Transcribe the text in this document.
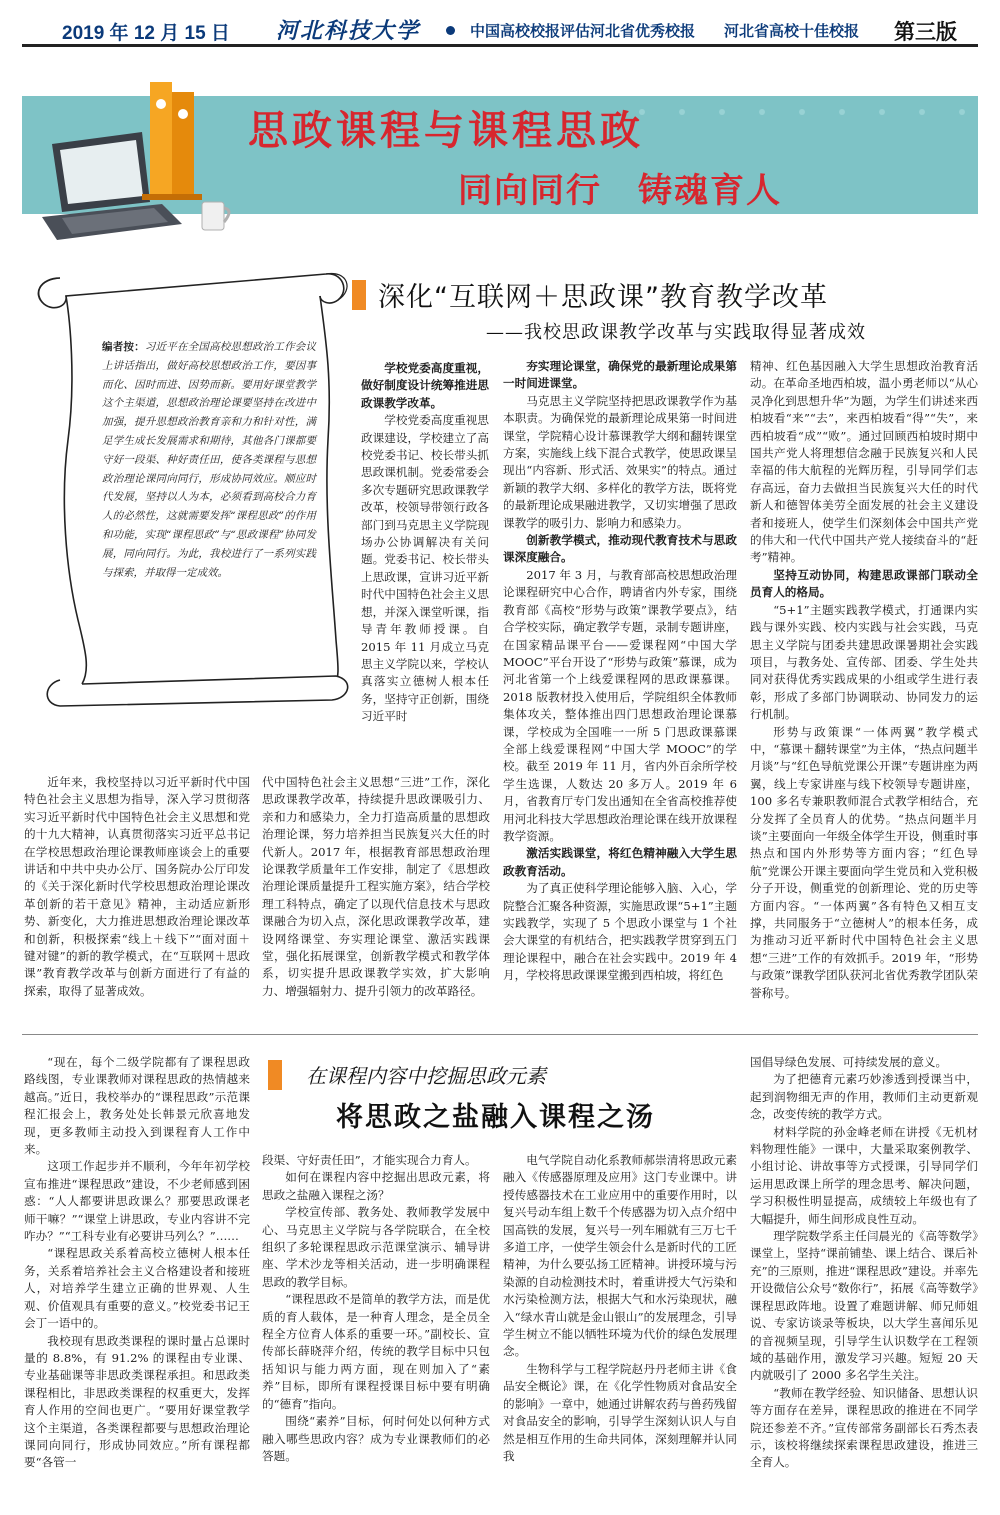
2019 年 12 月 15 日 河北科技大学	中国高校校报评估河北省优秀校报 河北省高校十佳校报 第三版
思政课程与课程思政
同向同行　铸魂育人
编者按：习近平在全国高校思想政治工作会议上讲话指出，做好高校思想政治工作，要因事而化、因时而进、因势而新。要用好课堂教学这个主渠道，思想政治理论课要坚持在改进中加强，提升思想政治教育亲和力和针对性，满足学生成长发展需求和期待，其他各门课都要守好一段渠、种好责任田，使各类课程与思想政治理论课同向同行，形成协同效应。顺应时代发展，坚持以人为本，必须看到高校合力育人的必然性，这就需要发挥“课程思政”的作用和功能，实现“课程思政”与“思政课程”协同发展，同向同行。为此，我校进行了一系列实践与探索，并取得一定成效。
深化“互联网＋思政课”教育教学改革
——我校思政课教学改革与实践取得显著成效
学校党委高度重视，做好制度设计统筹推进思政课教学改革。

学校党委高度重视思政课建设，学校建立了高校党委书记、校长带头抓思政课机制。党委常委会多次专题研究思政课教学改革，校领导带领行政各部门到马克思主义学院现场办公协调解决有关问题。党委书记、校长带头上思政课，宣讲习近平新时代中国特色社会主义思想，并深入课堂听课，指导青年教师授课。自 2015 年 11 月成立马克思主义学院以来，学校认真落实立德树人根本任务，坚持守正创新，围绕习近平时

近年来，我校坚持以习近平新时代中国特色社会主义思想为指导，深入学习贯彻落实习近平新时代中国特色社会主义思想和党的十九大精神，认真贯彻落实习近平总书记在学校思想政治理论课教师座谈会上的重要讲话和中共中央办公厅、国务院办公厅印发的《关于深化新时代学校思想政治理论课改革创新的若干意见》精神，主动适应新形势、新变化，大力推进思想政治理论课改革和创新，积极探索“线上＋线下”“面对面＋键对键”的新的教学模式，在“互联网＋思政课”教育教学改革与创新方面进行了有益的探索，取得了显著成效。

代中国特色社会主义思想“三进”工作，深化思政课教学改革，持续提升思政课吸引力、亲和力和感染力，全力打造高质量的思想政治理论课，努力培养担当民族复兴大任的时代新人。2017 年，根据教育部思想政治理论课教学质量年工作安排，制定了《思想政治理论课质量提升工程实施方案》，结合学校理工科特点，确定了以现代信息技术与思政课融合为切入点，深化思政课教学改革，建设网络课堂、夯实理论课堂、激活实践课堂，强化拓展课堂，创新教学模式和教学体系，切实提升思政课教学实效，扩大影响力、增强辐射力、提升引领力的改革路径。

夯实理论课堂，确保党的最新理论成果第一时间进课堂。

马克思主义学院坚持把思政课教学作为基本职责。为确保党的最新理论成果第一时间进课堂，学院精心设计慕课教学大纲和翻转课堂方案，实施线上线下混合式教学，使思政课呈现出“内容新、形式活、效果实”的特点。通过新颖的教学大纲、多样化的教学方法，既将党的最新理论成果融进教学，又切实增强了思政课教学的吸引力、影响力和感染力。

创新教学模式，推动现代教育技术与思政课深度融合。

2017 年 3 月，与教育部高校思想政治理论课程研究中心合作，聘请省内外专家，围绕教育部《高校“形势与政策”课教学要点》，结合学校实际，确定教学专题，录制专题讲座，在国家精品课平台——爱课程网“中国大学 MOOC”平台开设了“形势与政策”慕课，成为河北省第一个上线爱课程网的思政课慕课。2018 版教材投入使用后，学院组织全体教师集体攻关，整体推出四门思想政治理论课慕课，学校成为全国唯一一所 5 门思政课慕课全部上线爱课程网“中国大学 MOOC”的学校。截至 2019 年 11 月，省内外百余所学校学生选课，人数达 20 多万人。2019 年 6 月，省教育厅专门发出通知在全省高校推荐使用河北科技大学思想政治理论课在线开放课程教学资源。

激活实践课堂，将红色精神融入大学生思政教育活动。

为了真正使科学理论能够入脑、入心，学院整合汇聚各种资源，实施思政课“5+1”主题实践教学，实现了 5 个思政小课堂与 1 个社会大课堂的有机结合，把实践教学贯穿到五门理论课程中，融合在社会实践中。2019 年 4 月，学校将思政课课堂搬到西柏坡，将红色

精神、红色基因融入大学生思想政治教育活动。在革命圣地西柏坡，温小勇老师以“从心灵净化到思想升华”为题，为学生们讲述来西柏坡看“来”“去”，来西柏坡看“得”“失”，来西柏坡看“成”“败”。通过回顾西柏坡时期中国共产党人将理想信念融于民族复兴和人民幸福的伟大航程的光辉历程，引导同学们志存高远，奋力去做担当民族复兴大任的时代新人和德智体美劳全面发展的社会主义建设者和接班人，使学生们深刻体会中国共产党的伟大和一代代中国共产党人接续奋斗的“赶考”精神。

坚持互动协同，构建思政课部门联动全员育人的格局。

“5+1”主题实践教学模式，打通课内实践与课外实践、校内实践与社会实践，马克思主义学院与团委共建思政课暑期社会实践项目，与教务处、宣传部、团委、学生处共同对获得优秀实践成果的小组或学生进行表彰，形成了多部门协调联动、协同发力的运行机制。

形势与政策课“一体两翼”教学模式中，“慕课＋翻转课堂”为主体，“热点问题半月谈”与“红色导航党课公开课”专题讲座为两翼，线上专家讲座与线下校领导专题讲座，100 多名专兼职教师混合式教学相结合，充分发挥了全员育人的优势。“热点问题半月谈”主要面向一年级全体学生开设，侧重时事热点和国内外形势等方面内容；“红色导航”党课公开课主要面向学生党员和入党积极分子开设，侧重党的创新理论、党的历史等方面内容。“一体两翼”各有特色又相互支撑，共同服务于“立德树人”的根本任务，成为推动习近平新时代中国特色社会主义思想“三进”工作的有效抓手。2019 年，“形势与政策”课教学团队获河北省优秀教学团队荣誉称号。

在课程内容中挖掘思政元素
将思政之盐融入课程之汤

“现在，每个二级学院都有了课程思政路线图，专业课教师对课程思政的热情越来越高。”近日，我校举办的“课程思政”示范课程汇报会上，教务处处长韩景元欣喜地发现，更多教师主动投入到课程育人工作中来。

这项工作起步并不顺利，今年年初学校宣布推进“课程思政”建设，不少老师感到困惑：“人人都要讲思政课么？那要思政课老师干嘛？”“课堂上讲思政，专业内容讲不完咋办？”“工科专业有必要讲马列么？”……

“课程思政关系着高校立德树人根本任务，关系着培养社会主义合格建设者和接班人，对培养学生建立正确的世界观、人生观、价值观具有重要的意义。”校党委书记王会丁一语中的。

我校现有思政类课程的课时量占总课时量的 8.8%，有 91.2% 的课程由专业课、专业基础课等非思政类课程承担。和思政类课程相比，非思政类课程的权重更大，发挥育人作用的空间也更广。“要用好课堂教学这个主渠道，各类课程都要与思想政治理论课同向同行，形成协同效应。”所有课程都要“各管一

段渠、守好责任田”，才能实现合力育人。

如何在课程内容中挖掘出思政元素，将思政之盐融入课程之汤？

学校宣传部、教务处、教师教学发展中心、马克思主义学院与各学院联合，在全校组织了多轮课程思政示范课堂演示、辅导讲座、学术沙龙等相关活动，进一步明确课程思政的教学目标。

“课程思政不是简单的教学方法，而是优质的育人载体，是一种育人理念，是全员全程全方位育人体系的重要一环。”副校长、宣传部长薛晓萍介绍，传统的教学目标中只包括知识与能力两方面，现在则加入了“素养”目标，即所有课程授课目标中要有明确的“德育”指向。

围绕“素养”目标，何时何处以何种方式融入哪些思政内容？成为专业课教师们的必答题。

电气学院自动化系教师郝崇清将思政元素融入《传感器原理及应用》这门专业课中。讲授传感器技术在工业应用中的重要作用时，以复兴号动车组上数千个传感器为切入点介绍中国高铁的发展，复兴号一列车厢就有三万七千多道工序，一使学生领会什么是新时代的工匠精神，为什么要弘扬工匠精神。讲授环境与污染源的自动检测技术时，着重讲授大气污染和水污染检测方法，根据大气和水污染现状，融入“绿水青山就是金山银山”的发展理念，引导学生树立不能以牺牲环境为代价的绿色发展理念。

生物科学与工程学院赵丹丹老师主讲《食品安全概论》课，在《化学性物质对食品安全的影响》一章中，她通过讲解农药与兽药残留对食品安全的影响，引导学生深刻认识人与自然是相互作用的生命共同体，深刻理解并认同我

国倡导绿色发展、可持续发展的意义。

为了把德育元素巧妙渗透到授课当中，起到润物细无声的作用，教师们主动更新观念，改变传统的教学方式。

材料学院的孙金峰老师在讲授《无机材料物理性能》一课中，大量采取案例教学、小组讨论、讲故事等方式授课，引导同学们运用思政课上所学的理念思考、解决问题，学习积极性明显提高，成绩较上年级也有了大幅提升，师生间形成良性互动。

理学院数学系主任闫晨光的《高等数学》课堂上，坚持“课前铺垫、课上结合、课后补充”的三原则，推进“课程思政”建设。并率先开设微信公众号“数你行”，拓展《高等数学》课程思政阵地。设置了难题讲解、师兄师姐说、专家访谈录等板块，以大学生喜闻乐见的音视频呈现，引导学生认识数学在工程领域的基础作用，激发学习兴趣。短短 20 天内就吸引了 2000 多名学生关注。

“教师在教学经验、知识储备、思想认识等方面存在差异，课程思政的推进在不同学院还参差不齐。”宣传部常务副部长石秀杰表示，该校将继续探索课程思政建设，推进三全育人。
